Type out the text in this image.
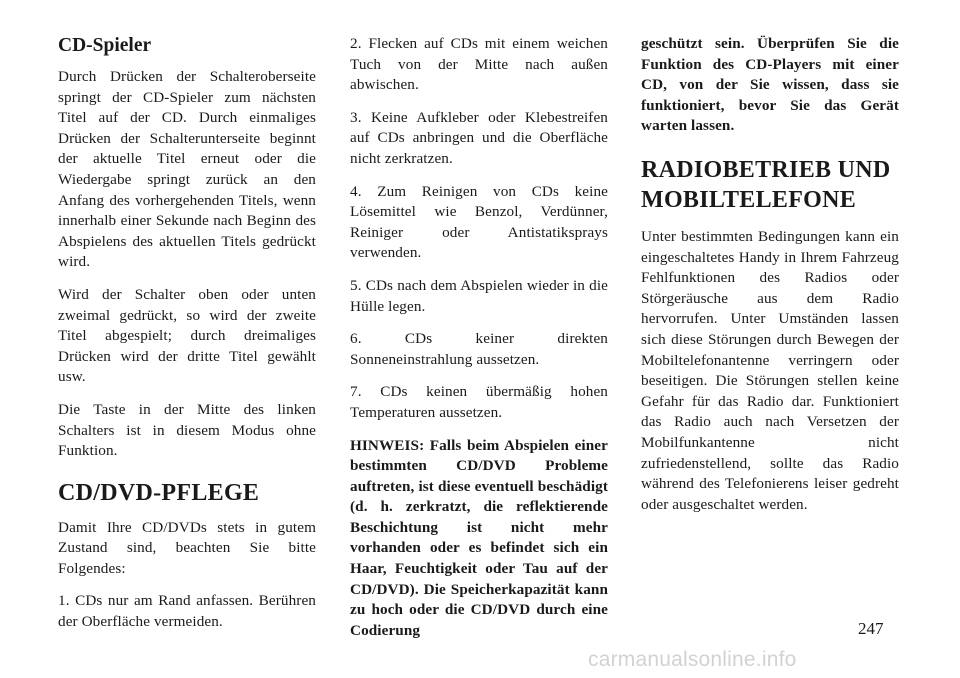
CD-Spieler

Durch Drücken der Schalteroberseite springt der CD-Spieler zum nächsten Titel auf der CD. Durch einmaliges Drücken der Schalterunterseite beginnt der aktuelle Titel erneut oder die Wiedergabe springt zurück an den Anfang des vorhergehenden Titels, wenn innerhalb einer Sekunde nach Beginn des Abspielens des aktuellen Titels gedrückt wird.

Wird der Schalter oben oder unten zweimal gedrückt, so wird der zweite Titel abgespielt; durch dreimaliges Drücken wird der dritte Titel gewählt usw.

Die Taste in der Mitte des linken Schalters ist in diesem Modus ohne Funktion.

CD/DVD-PFLEGE

Damit Ihre CD/DVDs stets in gutem Zustand sind, beachten Sie bitte Folgendes:

1. CDs nur am Rand anfassen. Berühren der Oberfläche vermeiden.

2. Flecken auf CDs mit einem weichen Tuch von der Mitte nach außen abwischen.

3. Keine Aufkleber oder Klebestreifen auf CDs anbringen und die Oberfläche nicht zerkratzen.

4. Zum Reinigen von CDs keine Lösemittel wie Benzol, Verdünner, Reiniger oder Antistatiksprays verwenden.

5. CDs nach dem Abspielen wieder in die Hülle legen.

6. CDs keiner direkten Sonneneinstrahlung aussetzen.

7. CDs keinen übermäßig hohen Temperaturen aussetzen.

HINWEIS: Falls beim Abspielen einer bestimmten CD/DVD Probleme auftreten, ist diese eventuell beschädigt (d. h. zerkratzt, die reflektierende Beschichtung ist nicht mehr vorhanden oder es befindet sich ein Haar, Feuchtigkeit oder Tau auf der CD/DVD). Die Speicherkapazität kann zu hoch oder die CD/DVD durch eine Codierung

geschützt sein. Überprüfen Sie die Funktion des CD-Players mit einer CD, von der Sie wissen, dass sie funktioniert, bevor Sie das Gerät warten lassen.

RADIOBETRIEB UND MOBILTELEFONE

Unter bestimmten Bedingungen kann ein eingeschaltetes Handy in Ihrem Fahrzeug Fehlfunktionen des Radios oder Störgeräusche aus dem Radio hervorrufen. Unter Umständen lassen sich diese Störungen durch Bewegen der Mobiltelefonantenne verringern oder beseitigen. Die Störungen stellen keine Gefahr für das Radio dar. Funktioniert das Radio auch nach Versetzen der Mobilfunkantenne nicht zufriedenstellend, sollte das Radio während des Telefonierens leiser gedreht oder ausgeschaltet werden.

247
carmanualsonline.info
